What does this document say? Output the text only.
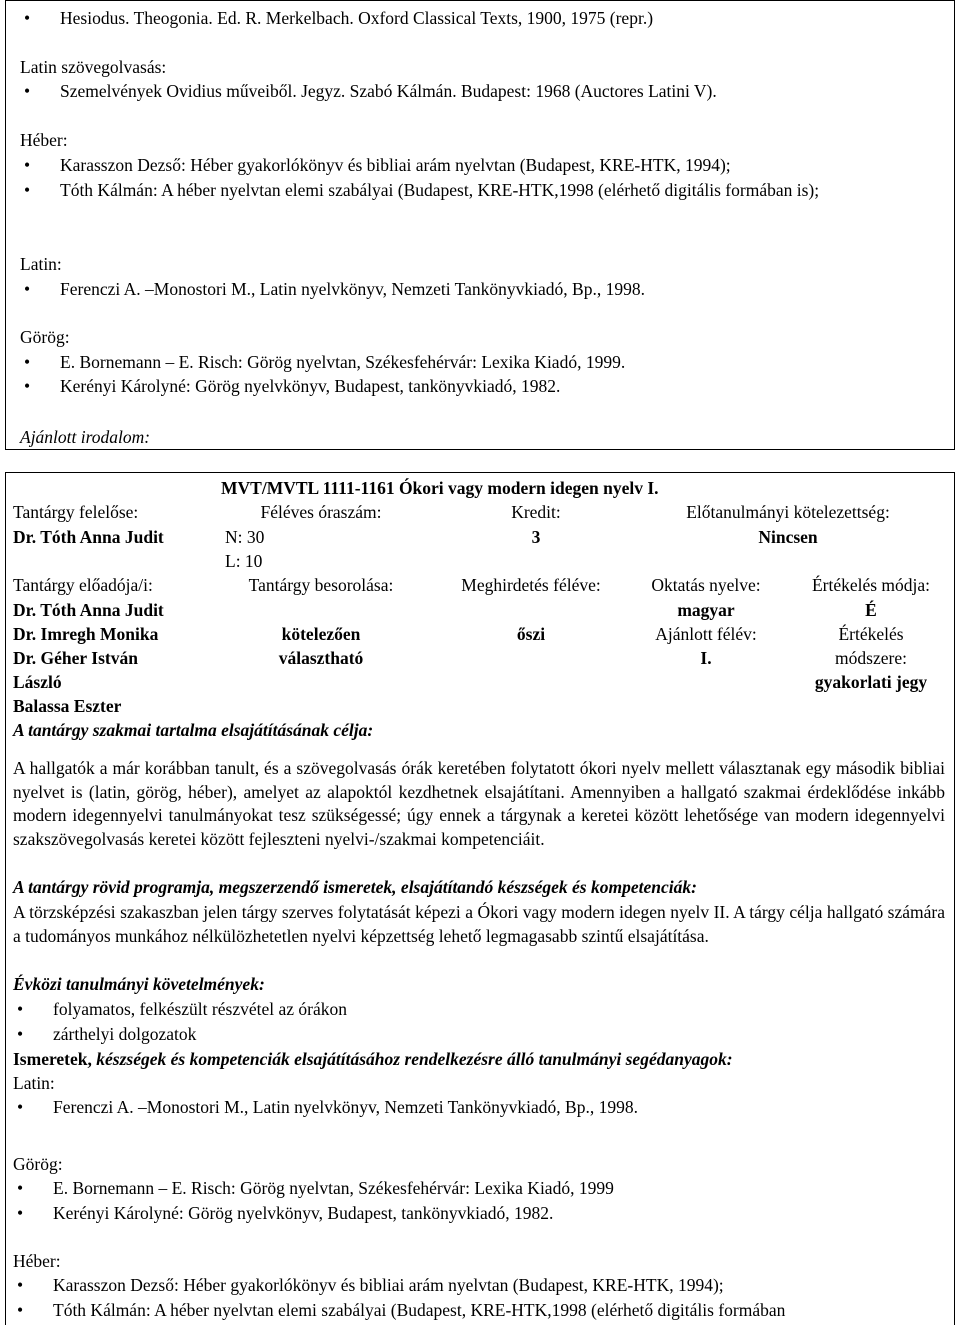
• Hesiodus. Theogonia. Ed. R. Merkelbach. Oxford Classical Texts, 1900, 1975 (repr.)
Latin szövegolvasás:
• Szemelvények Ovidius műveiből. Jegyz. Szabó Kálmán. Budapest: 1968 (Auctores Latini V).
Héber:
• Karasszon Dezső: Héber gyakorlókönyv és bibliai arám nyelvtan (Budapest, KRE-HTK, 1994);
• Tóth Kálmán: A héber nyelvtan elemi szabályai (Budapest, KRE-HTK,1998 (elérhető digitális formában is);
Latin:
• Ferenczi A. –Monostori M., Latin nyelvkönyv, Nemzeti Tankönyvkiadó, Bp., 1998.
Görög:
• E. Bornemann – E. Risch: Görög nyelvtan, Székesfehérvár: Lexika Kiadó, 1999.
• Kerényi Károlyné: Görög nyelvkönyv, Budapest, tankönyvkiadó, 1982.
Ajánlott irodalom:
MVT/MVTL 1111-1161 Ókori vagy modern idegen nyelv I.
Tantárgy felelőse:
Dr. Tóth Anna Judit
Féléves óraszám:
N: 30
L: 10
Kredit:
3
Előtanulmányi kötelezettség:
Nincsen
Tantárgy előadója/i:
Dr. Tóth Anna Judit
Dr. Imregh Monika
Dr. Géher István
László
Balassa Eszter
Tantárgy besorolása:
kötelezően
választható
Meghirdetés féléve:
őszi
Oktatás nyelve:
magyar
Ajánlott félév:
I.
Értékelés módja:
É
Értékelés
módszere:
gyakorlati jegy
A tantárgy szakmai tartalma elsajátításának célja:
A hallgatók a már korábban tanult, és a szövegolvasás órák keretében folytatott ókori nyelv mellett választanak egy második bibliai nyelvet is (latin, görög, héber), amelyet az alapoktól kezdhetnek elsajátítani. Amennyiben a hallgató szakmai érdeklődése inkább modern idegennyelvi tanulmányokat tesz szükségessé; úgy ennek a tárgynak a keretei között lehetősége van modern idegennyelvi szakszövegolvasás keretei között fejleszteni nyelvi-/szakmai kompetenciáit.
A tantárgy rövid programja, megszerzendő ismeretek, elsajátítandó készségek és kompetenciák:
A törzsképzési szakaszban jelen tárgy szerves folytatását képezi a Ókori vagy modern idegen nyelv II. A tárgy célja hallgató számára a tudományos munkához nélkülözhetetlen nyelvi képzettség lehető legmagasabb szintű elsajátítása.
Évközi tanulmányi követelmények:
• folyamatos, felkészült részvétel az órákon
• zárthelyi dolgozatok
Ismeretek, készségek és kompetenciák elsajátításához rendelkezésre álló tanulmányi segédanyagok:
Latin:
• Ferenczi A. –Monostori M., Latin nyelvkönyv, Nemzeti Tankönyvkiadó, Bp., 1998.
Görög:
• E. Bornemann – E. Risch: Görög nyelvtan, Székesfehérvár: Lexika Kiadó, 1999
• Kerényi Károlyné: Görög nyelvkönyv, Budapest, tankönyvkiadó, 1982.
Héber:
• Karasszon Dezső: Héber gyakorlókönyv és bibliai arám nyelvtan (Budapest, KRE-HTK, 1994);
• Tóth Kálmán: A héber nyelvtan elemi szabályai (Budapest, KRE-HTK,1998 (elérhető digitális formában
